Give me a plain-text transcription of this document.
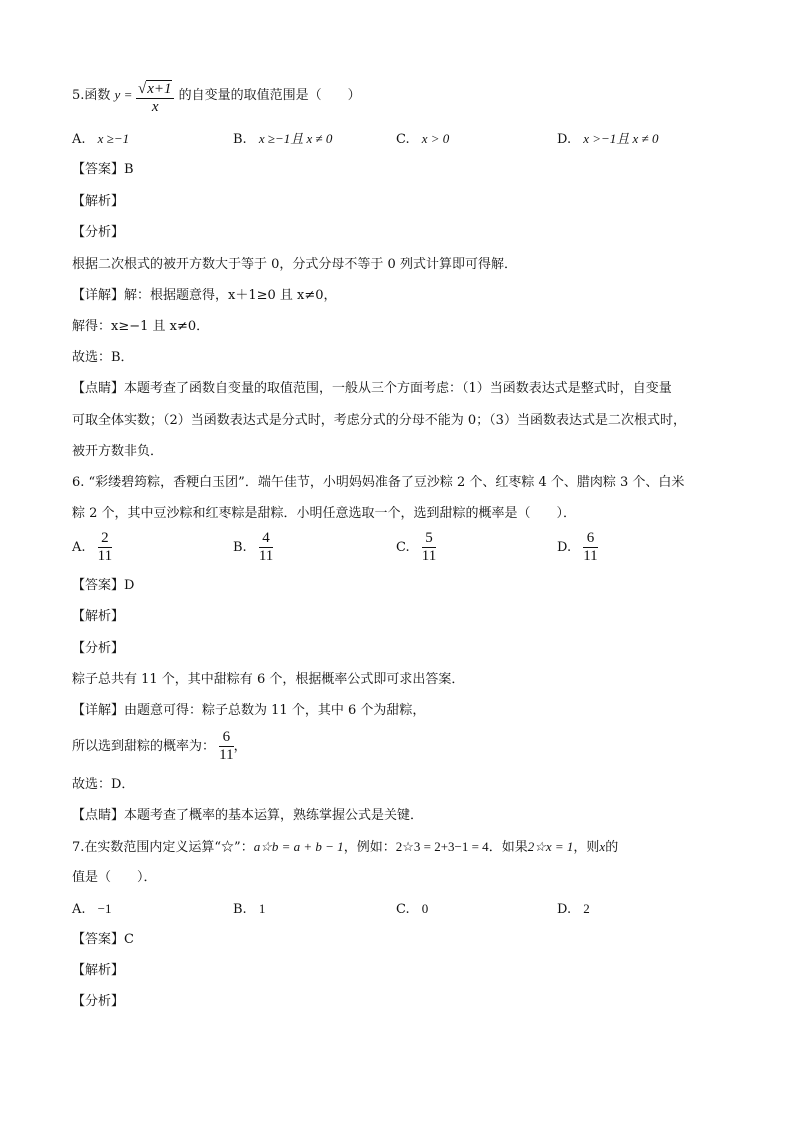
5.函数 $y = \frac{√x+1}{x}$ 的自变量的取值范围是（　　）
A. x ≥−1	B. x ≥−1且 x ≠ 0	C. x > 0	D. x >−1且 x ≠ 0
【答案】B
【解析】
【分析】
根据二次根式的被开方数大于等于 0，分式分母不等于 0 列式计算即可得解．
【详解】解：根据题意得，x＋1≥0 且 x≠0，
解得：x≥−1 且 x≠0．
故选：B．
【点睛】本题考查了函数自变量的取值范围，一般从三个方面考虑：（1）当函数表达式是整式时，自变量
可取全体实数；（2）当函数表达式是分式时，考虑分式的分母不能为 0；（3）当函数表达式是二次根式时，
被开方数非负．
6. “彩缕碧筠粽，香粳白玉团”．端午佳节，小明妈妈准备了豆沙粽 2 个、红枣粽 4 个、腊肉粽 3 个、白米
粽 2 个，其中豆沙粽和红枣粽是甜粽．小明任意选取一个，选到甜粽的概率是（　　）．
A. $\frac{2}{11}$	B. $\frac{4}{11}$	C. $\frac{5}{11}$	D. $\frac{6}{11}$
【答案】D
【解析】
【分析】
粽子总共有 11 个，其中甜粽有 6 个，根据概率公式即可求出答案．
【详解】由题意可得：粽子总数为 11 个，其中 6 个为甜粽，
所以选到甜粽的概率为： $\frac{6}{11}$ ，
故选：D．
【点睛】本题考查了概率的基本运算，熟练掌握公式是关键．
7.在实数范围内定义运算“☆”：a☆b = a + b − 1，例如：2☆3 = 2+3−1 = 4．如果2☆x = 1，则x的
值是（　　）．
A. −1	B. 1	C. 0	D. 2
【答案】C
【解析】
【分析】
